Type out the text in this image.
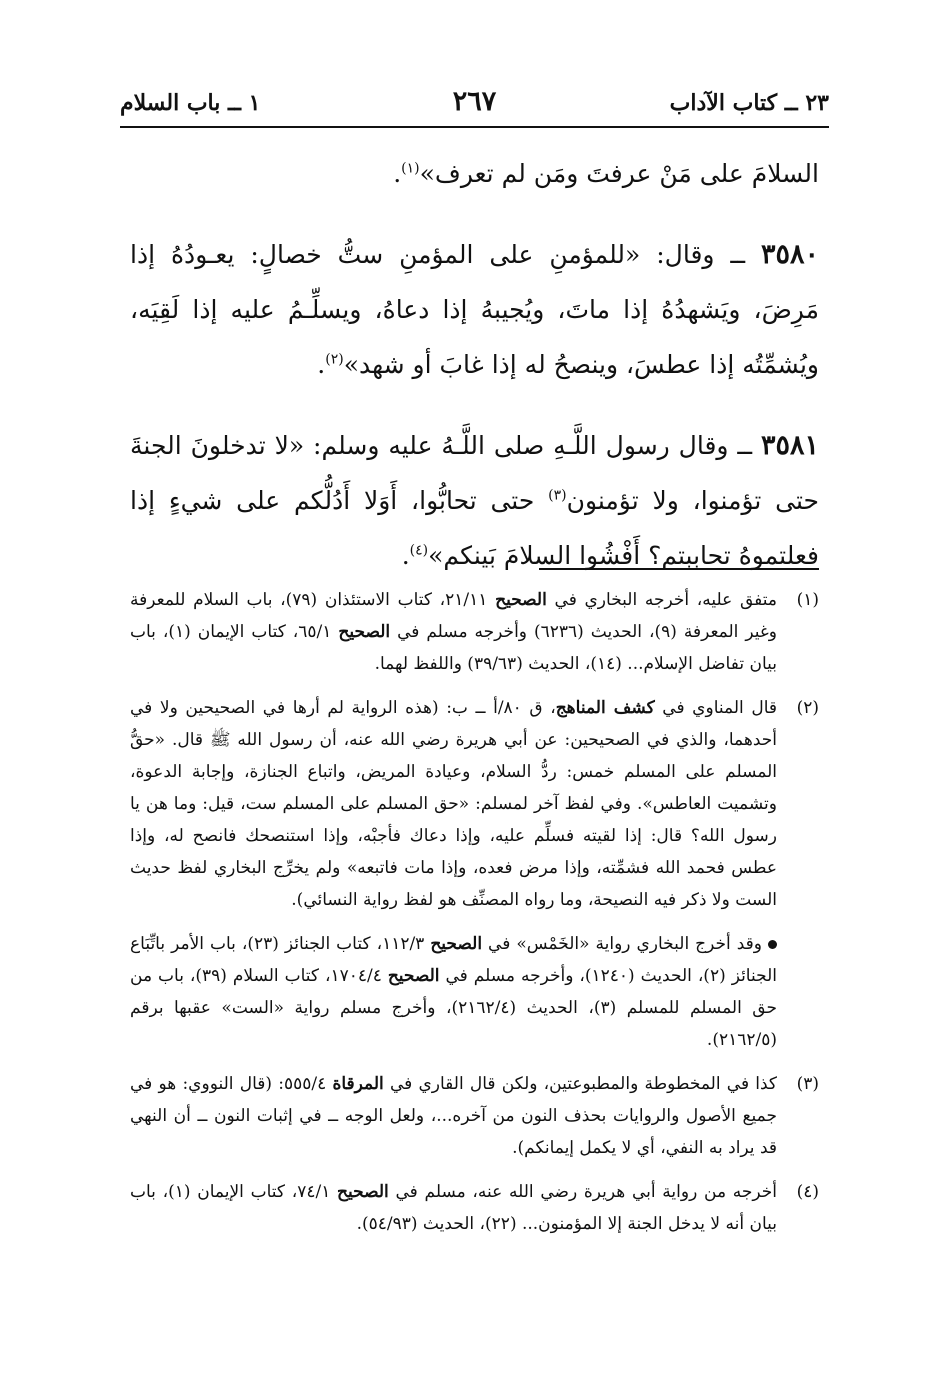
٢٣ ــ كتاب الآداب
٢٦٧
١ ــ باب السلام

السلامَ على مَنْ عرفتَ ومَن لم تعرف»$^{(١)}$.

٣٥٨٠ ــ وقال: «للمؤمنِ على المؤمنِ ستُّ خصالٍ: يعـودُهُ إذا مَرِضَ، ويَشهدُهُ إذا ماتَ، ويُجيبهُ إذا دعاهُ، ويسلِّـمُ عليه إذا لَقِيَه، ويُشمِّتُه إذا عطسَ، وينصحُ له إذا غابَ أو شهد»$^{(٢)}$.

٣٥٨١ ــ وقال رسول اللَّـهِ صلى اللَّـهُ عليه وسلم: «لا تدخلونَ الجنةَ حتى تؤمنوا، ولا تؤمنون$^{(٣)}$ حتى تحابُّوا، أَوَلا أَدُلُّكم على شيءٍ إذا فعلتموهُ تحاببتم؟ أَفْشُوا السلامَ بَينكم»$^{(٤)}$.

(١)
متفق عليه، أخرجه البخاري في الصحيح ٢١/١١، كتاب الاستئذان (٧٩)، باب السلام للمعرفة وغير المعرفة (٩)، الحديث (٦٢٣٦) وأخرجه مسلم في الصحيح ٦٥/١، كتاب الإيمان (١)، باب بيان تفاضل الإسلام... (١٤)، الحديث (٣٩/٦٣) واللفظ لهما.
(٢)
قال المناوي في كشف المناهج، ق ٨٠/أ ــ ب: (هذه الرواية لم أرها في الصحيحين ولا في أحدهما، والذي في الصحيحين: عن أبي هريرة رضي الله عنه، أن رسول الله ﷺ قال. «حقُّ المسلم على المسلم خمس: ردُّ السلام، وعيادة المريض، واتباع الجنازة، وإجابة الدعوة، وتشميت العاطس». وفي لفظ آخر لمسلم: «حق المسلم على المسلم ست، قيل: وما هن يا رسول الله؟ قال: إذا لقيته فسلِّم عليه، وإذا دعاك فأجبْه، وإذا استنصحك فانصح له، وإذا عطس فحمد الله فشمِّته، وإذا مرض فعده، وإذا مات فاتبعه» ولم يخرِّج البخاري لفظ حديث الست ولا ذكر فيه النصيحة، وما رواه المصنِّف هو لفظ رواية النسائي).
وقد أخرج البخاري رواية «الخَمْس» في الصحيح ١١٢/٣، كتاب الجنائز (٢٣)، باب الأمر باتِّبَاع الجنائز (٢)، الحديث (١٢٤٠)، وأخرجه مسلم في الصحيح ١٧٠٤/٤، كتاب السلام (٣٩)، باب من حق المسلم للمسلم (٣)، الحديث (٢١٦٢/٤)، وأخرج مسلم رواية «الست» عقبها برقم (٢١٦٢/٥).
(٣)
كذا في المخطوطة والمطبوعتين، ولكن قال القاري في المرقاة ٥٥٥/٤: (قال النووي: هو في جميع الأصول والروايات بحذف النون من آخره...، ولعل الوجه ــ في إثبات النون ــ أن النهي قد يراد به النفي، أي لا يكمل إيمانكم).
(٤)
أخرجه من رواية أبي هريرة رضي الله عنه، مسلم في الصحيح ٧٤/١، كتاب الإيمان (١)، باب بيان أنه لا يدخل الجنة إلا المؤمنون... (٢٢)، الحديث (٥٤/٩٣).
